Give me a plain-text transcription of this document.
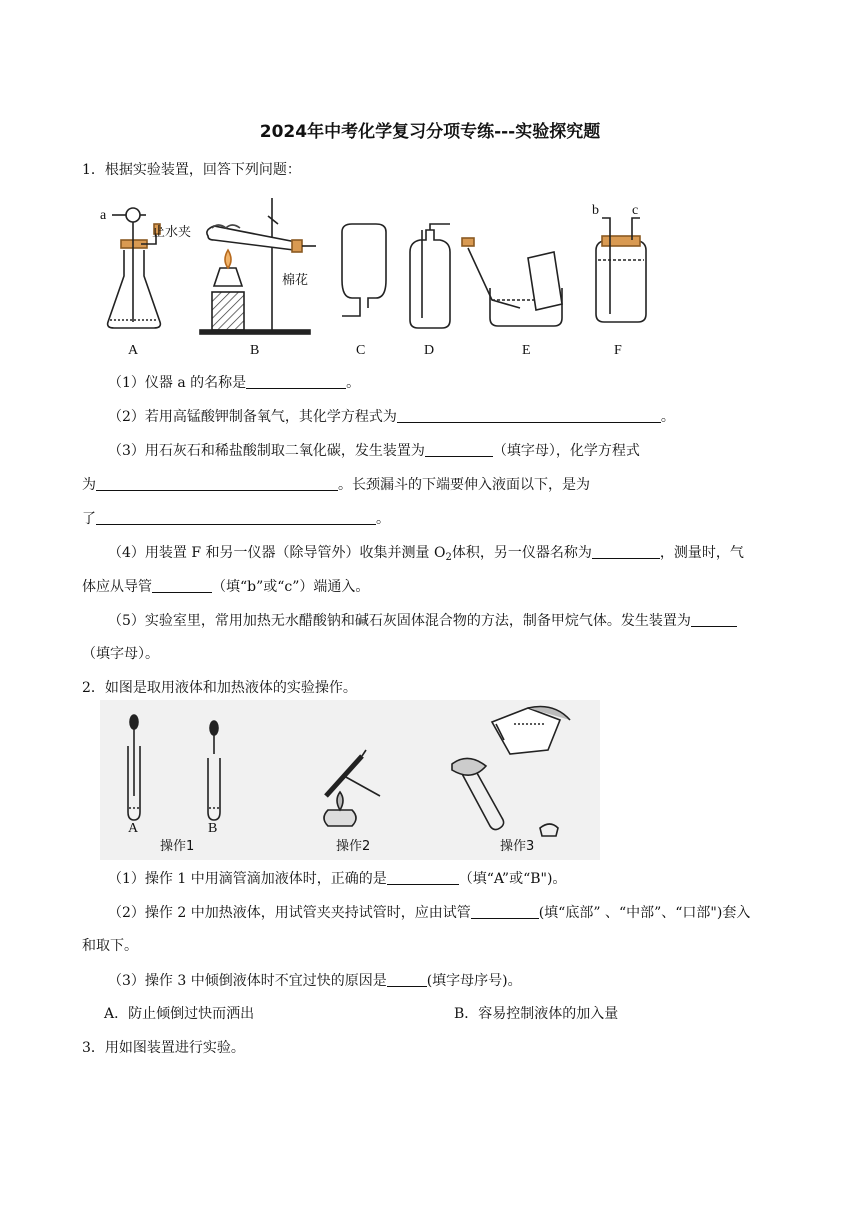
2024年中考化学复习分项专练---实验探究题
1．根据实验装置，回答下列问题：
A	B	C	D	E	F
a
止水夹
棉花
b c
（1）仪器 a 的名称是	。
（2）若用高锰酸钾制备氧气，其化学方程式为	。
（3）用石灰石和稀盐酸制取二氧化碳，发生装置为	（填字母），化学方程式
为	。长颈漏斗的下端要伸入液面以下，是为
了	。
（4）用装置 F 和另一仪器（除导管外）收集并测量 $O_2$体积，另一仪器名称为	，测量时，气
体应从导管	（填“b”或“c”）端通入。
（5）实验室里，常用加热无水醋酸钠和碱石灰固体混合物的方法，制备甲烷气体。发生装置为
（填字母）。
2．如图是取用液体和加热液体的实验操作。
A	B
操作1	操作2	操作3
（1）操作 1 中用滴管滴加液体时，正确的是	（填“A”或“B")。
（2）操作 2 中加热液体，用试管夹夹持试管时，应由试管	(填“底部” 、“中部”、“口部")套入
和取下。
（3）操作 3 中倾倒液体时不宜过快的原因是	(填字母序号)。
A．防止倾倒过快而洒出	B．容易控制液体的加入量
3．用如图装置进行实验。
